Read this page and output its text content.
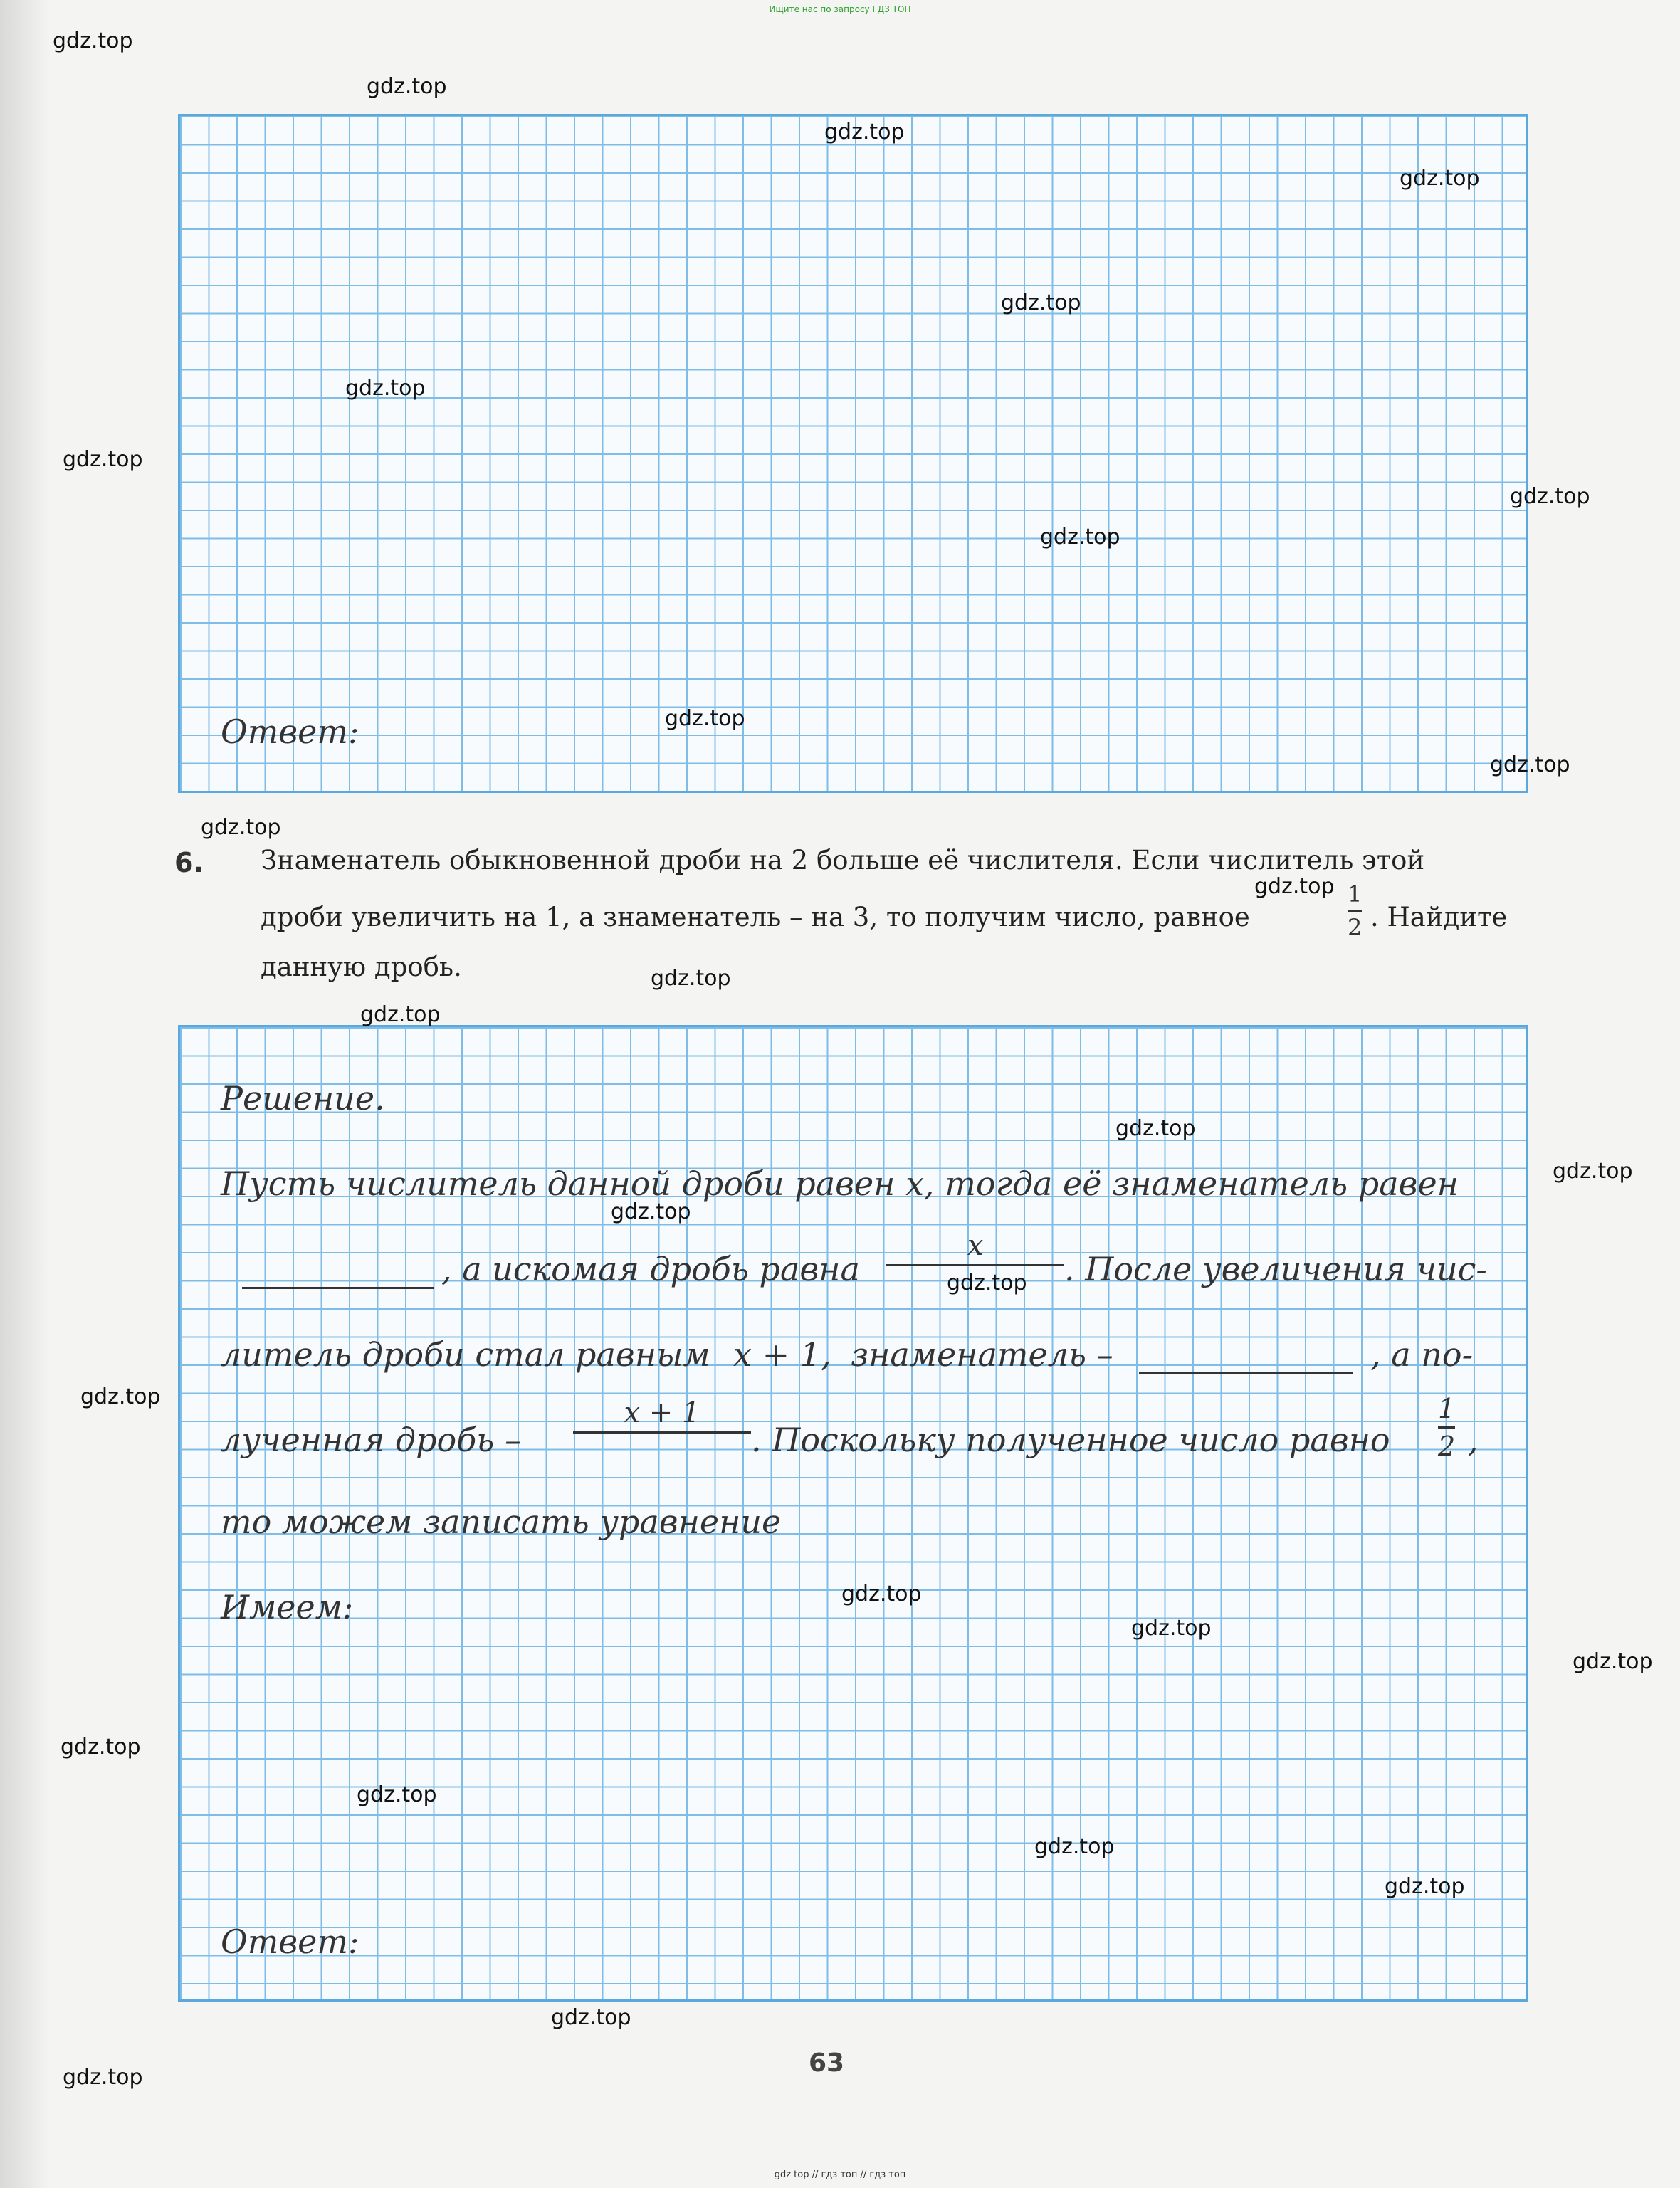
Ищите нас по запросу ГДЗ ТОП
Ответ:
6. Знаменатель обыкновенной дроби на 2 больше её числителя. Если числитель этой
дроби увеличить на 1, а знаменатель – на 3, то получим число, равное
1
2 . Найдите
данную дробь.
Решение.
Пусть числитель данной дроби равен x, тогда её знаменатель равен
, а искомая дробь равна
x
. После увеличения чис-
литель дроби стал равным x + 1, знаменатель –	, а по-
лученная дробь –
x + 1
. Поскольку полученное число равно
1
2 ,
то можем записать уравнение
Имеем:
Ответ:
gdz.top
gdz.top
gdz.top
gdz.top
gdz.top
gdz.top
gdz.top
gdz.top
gdz.top
gdz.top
gdz.top
gdz.top
gdz.top
gdz.top
gdz.top
gdz.top
gdz.top
gdz.top
gdz.top
gdz.top
gdz.top
gdz.top
gdz.top
gdz.top
gdz.top
gdz.top
gdz.top
gdz.top
gdz.top	63
gdz top // гдз топ // гдз топ
